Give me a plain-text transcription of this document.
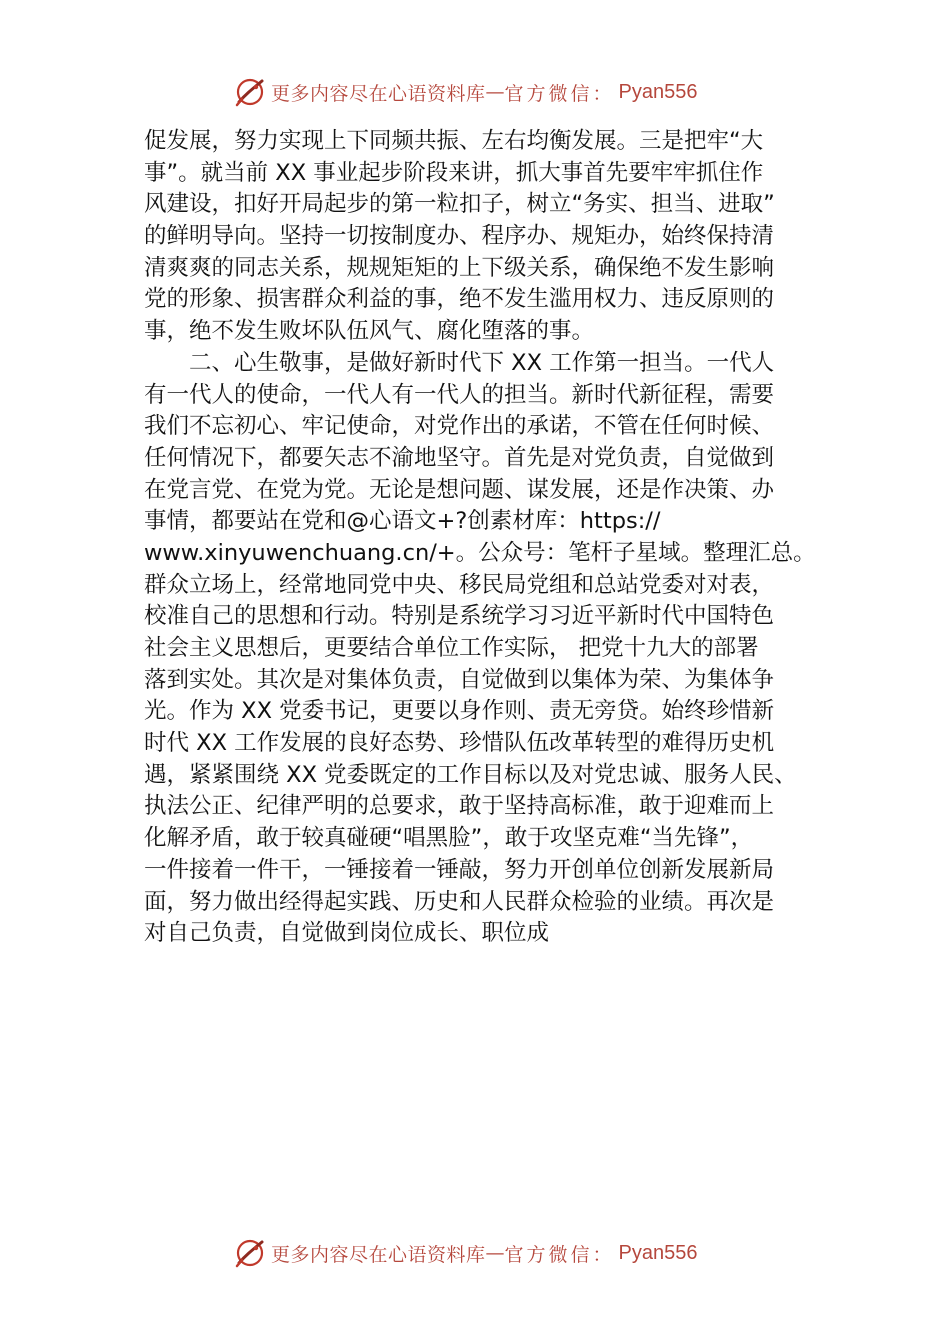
更多内容尽在心语资料库 — 官方微信： Pyan556
促发展，努力实现上下同频共振、左右均衡发展。三是把牢“大
事”。就当前 XX 事业起步阶段来讲，抓大事首先要牢牢抓住作
风建设，扣好开局起步的第一粒扣子，树立“务实、担当、进取”
的鲜明导向。坚持一切按制度办、程序办、规矩办，始终保持清
清爽爽的同志关系，规规矩矩的上下级关系，确保绝不发生影响
党的形象、损害群众利益的事，绝不发生滥用权力、违反原则的
事，绝不发生败坏队伍风气、腐化堕落的事。
　　二、心生敬事，是做好新时代下 XX 工作第一担当。一代人
有一代人的使命，一代人有一代人的担当。新时代新征程，需要
我们不忘初心、牢记使命，对党作出的承诺，不管在任何时候、
任何情况下，都要矢志不渝地坚守。首先是对党负责，自觉做到
在党言党、在党为党。无论是想问题、谋发展，还是作决策、办
事情，都要站在党和@心语文+?创素材库：https://
www.xinyuwenchuang.cn/+。公众号：笔杆子星域。整理汇总。
群众立场上，经常地同党中央、移民局党组和总站党委对对表，
校准自己的思想和行动。特别是系统学习习近平新时代中国特色
社会主义思想后，更要结合单位工作实际， 把党十九大的部署
落到实处。其次是对集体负责，自觉做到以集体为荣、为集体争
光。作为 XX 党委书记，更要以身作则、责无旁贷。始终珍惜新
时代 XX 工作发展的良好态势、珍惜队伍改革转型的难得历史机
遇，紧紧围绕 XX 党委既定的工作目标以及对党忠诚、服务人民、
执法公正、纪律严明的总要求，敢于坚持高标准，敢于迎难而上
化解矛盾，敢于较真碰硬“唱黑脸”，敢于攻坚克难“当先锋”，
一件接着一件干，一锤接着一锤敲，努力开创单位创新发展新局
面，努力做出经得起实践、历史和人民群众检验的业绩。再次是
对自己负责，自觉做到岗位成长、职位成
更多内容尽在心语资料库 — 官方微信： Pyan556
